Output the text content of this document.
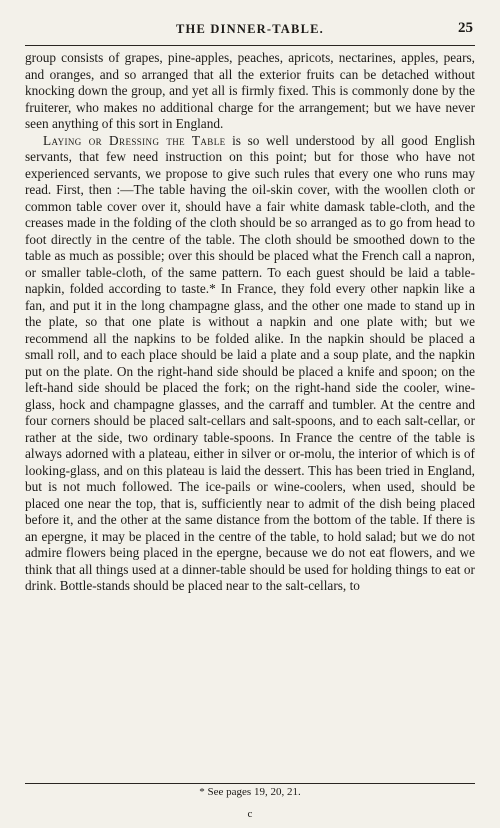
THE DINNER-TABLE.	25

group consists of grapes, pine-apples, peaches, apricots, nectarines, apples, pears, and oranges, and so arranged that all the exterior fruits can be detached without knocking down the group, and yet all is firmly fixed. This is commonly done by the fruiterer, who makes no additional charge for the arrangement; but we have never seen anything of this sort in England.

Laying or Dressing the Table is so well understood by all good English servants, that few need instruction on this point; but for those who have not experienced servants, we propose to give such rules that every one who runs may read. First, then :—The table having the oil-skin cover, with the woollen cloth or common table cover over it, should have a fair white damask table-cloth, and the creases made in the folding of the cloth should be so arranged as to go from head to foot directly in the centre of the table. The cloth should be smoothed down to the table as much as possible; over this should be placed what the French call a napron, or smaller table-cloth, of the same pattern. To each guest should be laid a table-napkin, folded according to taste.* In France, they fold every other napkin like a fan, and put it in the long champagne glass, and the other one made to stand up in the plate, so that one plate is without a napkin and one plate with; but we recommend all the napkins to be folded alike. In the napkin should be placed a small roll, and to each place should be laid a plate and a soup plate, and the napkin put on the plate. On the right-hand side should be placed a knife and spoon; on the left-hand side should be placed the fork; on the right-hand side the cooler, wine-glass, hock and champagne glasses, and the carraff and tumbler. At the centre and four corners should be placed salt-cellars and salt-spoons, and to each salt-cellar, or rather at the side, two ordinary table-spoons. In France the centre of the table is always adorned with a plateau, either in silver or or-molu, the interior of which is of looking-glass, and on this plateau is laid the dessert. This has been tried in England, but is not much followed. The ice-pails or wine-coolers, when used, should be placed one near the top, that is, sufficiently near to admit of the dish being placed before it, and the other at the same distance from the bottom of the table. If there is an epergne, it may be placed in the centre of the table, to hold salad; but we do not admire flowers being placed in the epergne, because we do not eat flowers, and we think that all things used at a dinner-table should be used for holding things to eat or drink. Bottle-stands should be placed near to the salt-cellars, to

* See pages 19, 20, 21.
c
